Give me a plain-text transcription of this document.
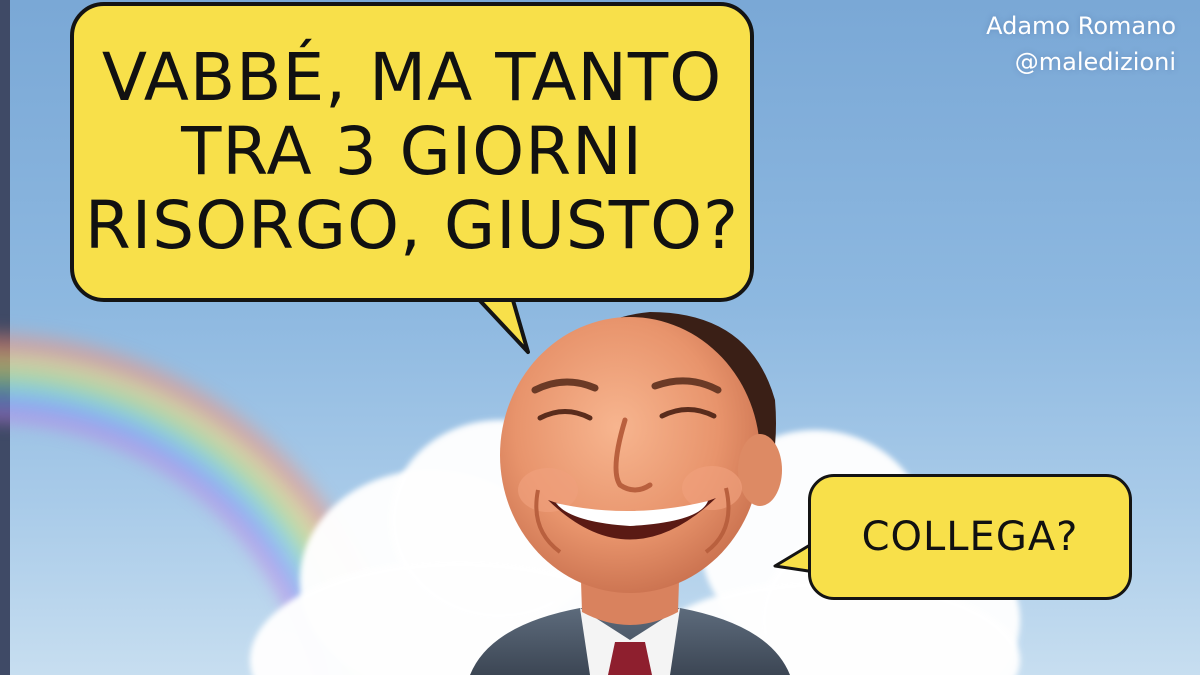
VABBÉ, MA TANTO
TRA 3 GIORNI
RISORGO, GIUSTO?
COLLEGA?
Adamo Romano
@maledizioni
